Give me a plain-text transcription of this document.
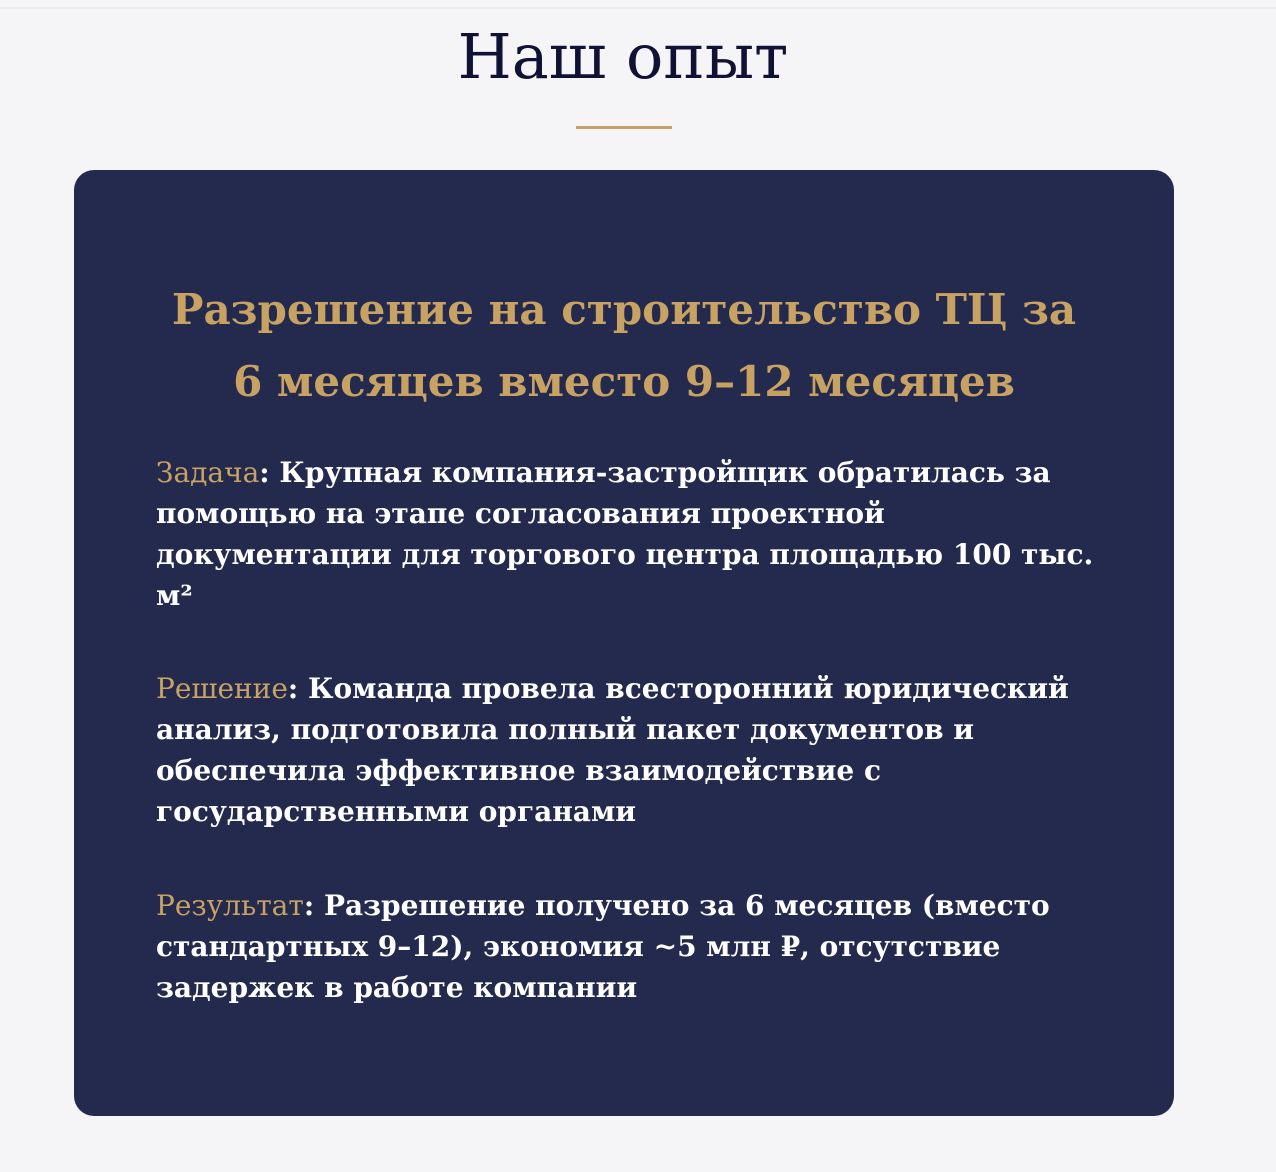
Наш опыт
Разрешение на строительство ТЦ за 6 месяцев вместо 9–12 месяцев

Задача: Крупная компания-застройщик обратилась за помощью на этапе согласования проектной документации для торгового центра площадью 100 тыс. м²

Решение: Команда провела всесторонний юридический анализ, подготовила полный пакет документов и обеспечила эффективное взаимодействие с государственными органами

Результат: Разрешение получено за 6 месяцев (вместо стандартных 9–12), экономия ~5 млн ₽, отсутствие задержек в работе компании
